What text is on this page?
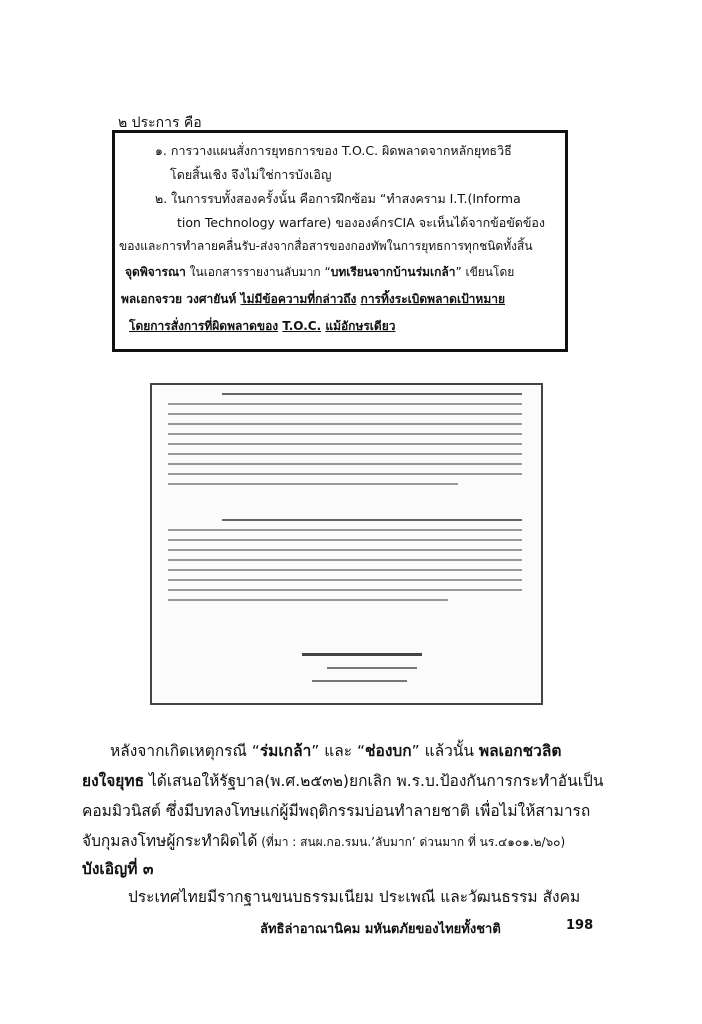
๒ ประการ คือ
๑. การวางแผนสั่งการยุทธการของ T.O.C. ผิดพลาดจากหลักยุทธวิธี
โดยสิ้นเชิง จึงไม่ใช่การบังเอิญ
๒. ในการรบทั้งสองครั้งนั้น คือการฝึกซ้อม “ทำสงคราม I.T.(Informa
tion Technology warfare) ขององค์กรCIA จะเห็นได้จากข้อขัดข้อง
ของและการทำลายคลื่นรับ-ส่งจากสื่อสารของกองทัพในการยุทธการทุกชนิดทั้งสิ้น
จุดพิจารณา ในเอกสารรายงานลับมาก “บทเรียนจากบ้านร่มเกล้า” เขียนโดย
พลเอกจรวย วงศายันห์ ไม่มีข้อความที่กล่าวถึง การทิ้งระเบิดพลาดเป้าหมาย
โดยการสั่งการที่ผิดพลาดของ T.O.C. แม้อักษรเดียว
หลังจากเกิดเหตุกรณี “ร่มเกล้า” และ “ช่องบก” แล้วนั้น พลเอกชวลิต
ยงใจยุทธ ได้เสนอให้รัฐบาล(พ.ศ.๒๕๓๒)ยกเลิก พ.ร.บ.ป้องกันการกระทำอันเป็น
คอมมิวนิสต์ ซึ่งมีบทลงโทษแก่ผู้มีพฤติกรรมบ่อนทำลายชาติ เพื่อไม่ให้สามารถ
จับกุมลงโทษผู้กระทำผิดได้ (ที่มา : สนผ.กอ.รมน.’ลับมาก’ ด่วนมาก ที่ นร.๔๑๐๑.๒/๖๐)
บังเอิญที่ ๓
ประเทศไทยมีรากฐานขนบธรรมเนียม ประเพณี และวัฒนธรรม สังคม
ลัทธิล่าอาณานิคม มหันตภัยของไทยทั้งชาติ	198
